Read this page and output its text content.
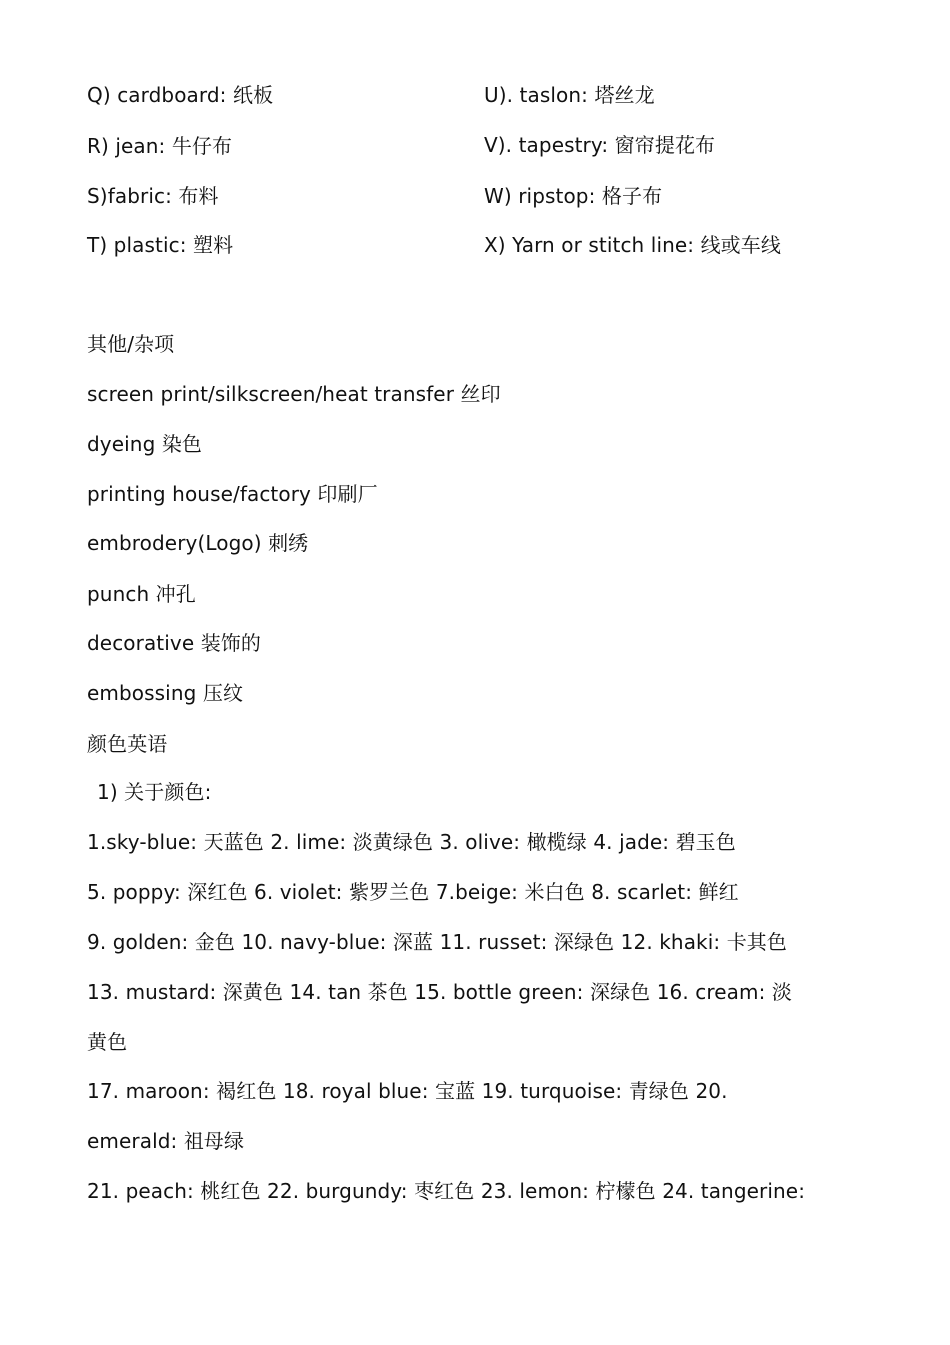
Q) cardboard: 纸板
R) jean: 牛仔布
S)fabric: 布料
T) plastic: 塑料
U). taslon: 塔丝龙
V). tapestry: 窗帘提花布
W) ripstop: 格子布
X) Yarn or stitch line: 线或车线
其他/杂项
screen print/silkscreen/heat transfer 丝印
dyeing 染色
printing house/factory 印刷厂
embrodery(Logo) 刺绣
punch 冲孔
decorative 装饰的
embossing 压纹
颜色英语
1) 关于颜色:
1.sky-blue: 天蓝色 2. lime: 淡黄绿色 3. olive: 橄榄绿 4. jade: 碧玉色
5. poppy: 深红色 6. violet: 紫罗兰色 7.beige: 米白色 8. scarlet: 鲜红
9. golden: 金色 10. navy-blue: 深蓝 11. russet: 深绿色 12. khaki: 卡其色
13. mustard: 深黄色 14. tan 茶色 15. bottle green: 深绿色 16. cream: 淡
黄色
17. maroon: 褐红色 18. royal blue: 宝蓝 19. turquoise: 青绿色 20.
emerald: 祖母绿
21. peach: 桃红色 22. burgundy: 枣红色 23. lemon: 柠檬色 24. tangerine:
